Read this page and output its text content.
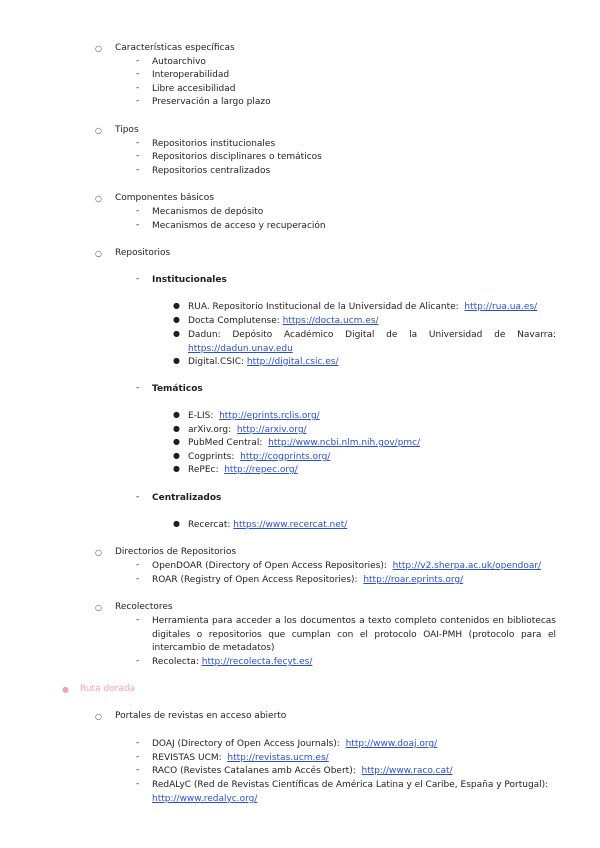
○ Características específicas
- Autoarchivo
- Interoperabilidad
- Libre accesibilidad
- Preservación a largo plazo
○ Tipos
- Repositorios institucionales
- Repositorios disciplinares o temáticos
- Repositorios centralizados
○ Componentes básicos
- Mecanismos de depósito
- Mecanismos de acceso y recuperación
○ Repositorios
- Institucionales
● RUA. Repositorio Institucional de la Universidad de Alicante: http://rua.ua.es/
● Docta Complutense: https://docta.ucm.es/
● Dadun: Depósito Académico Digital de la Universidad de Navarra: https://dadun.unav.edu
● Digital.CSIC: http://digital.csic.es/
- Temáticos
● E-LIS: http://eprints.rclis.org/
● arXiv.org: http://arxiv.org/
● PubMed Central: http://www.ncbi.nlm.nih.gov/pmc/
● Cogprints: http://cogprints.org/
● RePEc: http://repec.org/
- Centralizados
● Recercat: https://www.recercat.net/
○ Directorios de Repositorios
- OpenDOAR (Directory of Open Access Repositories): http://v2.sherpa.ac.uk/opendoar/
- ROAR (Registry of Open Access Repositories): http://roar.eprints.org/
○ Recolectores
- Herramienta para acceder a los documentos a texto completo contenidos en bibliotecas digitales o repositorios que cumplan con el protocolo OAI-PMH (protocolo para el intercambio de metadatos)
- Recolecta: http://recolecta.fecyt.es/
● Ruta dorada
○ Portales de revistas en acceso abierto
- DOAJ (Directory of Open Access Journals): http://www.doaj.org/
- REVISTAS UCM: http://revistas.ucm.es/
- RACO (Revistes Catalanes amb Accés Obert): http://www.raco.cat/
- RedALyC (Red de Revistas Científicas de América Latina y el Caribe, España y Portugal): http://www.redalyc.org/
